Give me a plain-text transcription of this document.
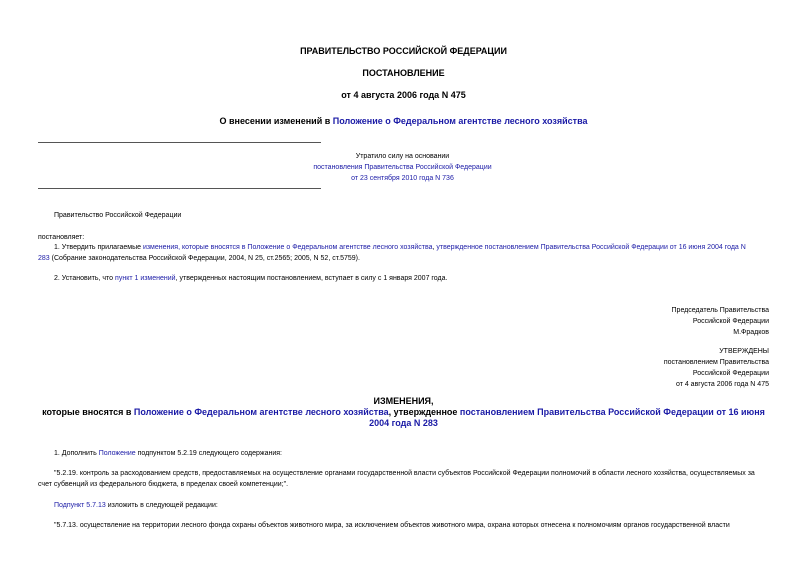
ПРАВИТЕЛЬСТВО РОССИЙСКОЙ ФЕДЕРАЦИИ
ПОСТАНОВЛЕНИЕ
от 4 августа 2006 года N 475
О внесении изменений в Положение о Федеральном агентстве лесного хозяйства
Утратило силу на основании
постановления Правительства Российской Федерации
от 23 сентября 2010 года N 736
Правительство Российской Федерации
постановляет:
1. Утвердить прилагаемые изменения, которые вносятся в Положение о Федеральном агентстве лесного хозяйства, утвержденное постановлением Правительства Российской Федерации от 16 июня 2004 года N
283 (Собрание законодательства Российской Федерации, 2004, N 25, ст.2565; 2005, N 52, ст.5759).
2. Установить, что пункт 1 изменений, утвержденных настоящим постановлением, вступает в силу с 1 января 2007 года.
Председатель Правительства
Российской Федерации
М.Фрадков
УТВЕРЖДЕНЫ
постановлением Правительства
Российской Федерации
от 4 августа 2006 года N 475
ИЗМЕНЕНИЯ,
которые вносятся в Положение о Федеральном агентстве лесного хозяйства, утвержденное постановлением Правительства Российской Федерации от 16 июня
2004 года N 283
1. Дополнить Положение подпунктом 5.2.19 следующего содержания:
"5.2.19. контроль за расходованием средств, предоставляемых на осуществление органами государственной власти субъектов Российской Федерации полномочий в области лесного хозяйства, осуществляемых за счет субвенций из федерального бюджета, в пределах своей компетенции;".
Подпункт 5.7.13 изложить в следующей редакции:
"5.7.13. осуществление на территории лесного фонда охраны объектов животного мира, за исключением объектов животного мира, охрана которых отнесена к полномочиям органов государственной власти
